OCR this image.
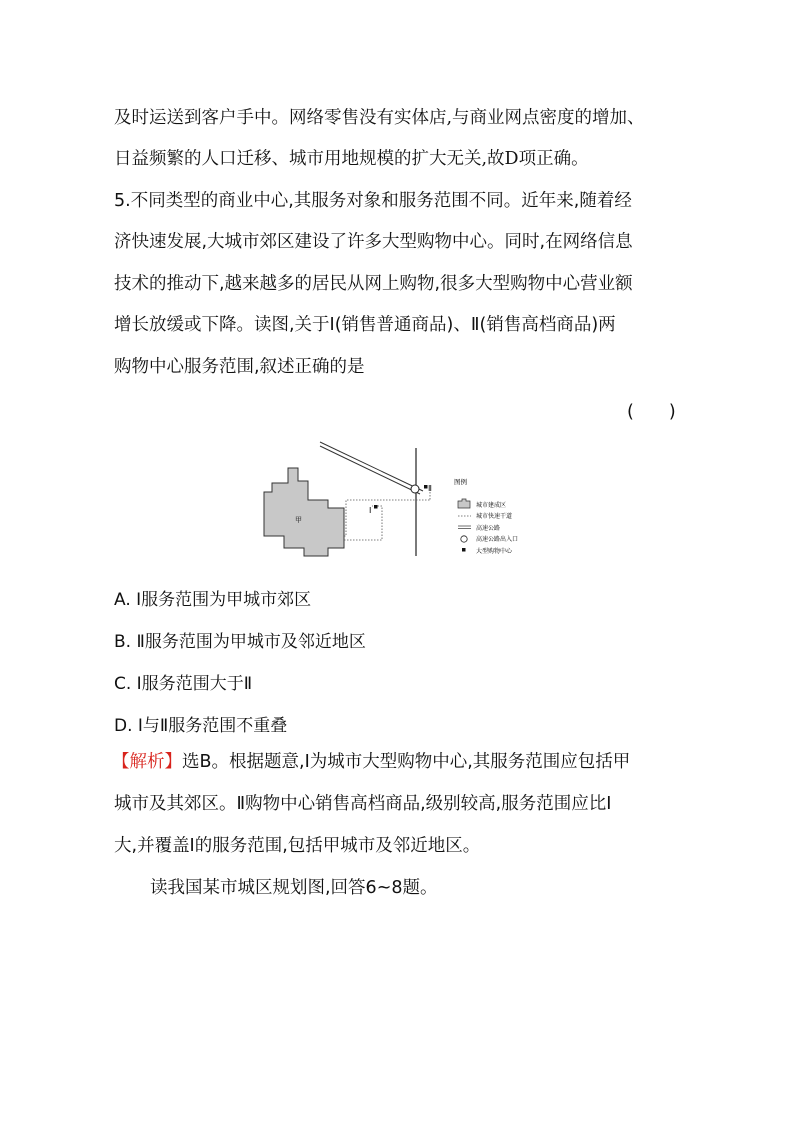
及时运送到客户手中。网络零售没有实体店,与商业网点密度的增加、
日益频繁的人口迁移、城市用地规模的扩大无关,故D项正确。
5.不同类型的商业中心,其服务对象和服务范围不同。近年来,随着经
济快速发展,大城市郊区建设了许多大型购物中心。同时,在网络信息
技术的推动下,越来越多的居民从网上购物,很多大型购物中心营业额
增长放缓或下降。读图,关于Ⅰ(销售普通商品)、Ⅱ(销售高档商品)两
购物中心服务范围,叙述正确的是
(　　)
甲
Ⅰ
Ⅱ
图例
城市建成区
城市快速干道
高速公路
高速公路出入口
大型购物中心
A. Ⅰ服务范围为甲城市郊区
B. Ⅱ服务范围为甲城市及邻近地区
C. Ⅰ服务范围大于Ⅱ
D. Ⅰ与Ⅱ服务范围不重叠
【解析】选B。根据题意,Ⅰ为城市大型购物中心,其服务范围应包括甲
城市及其郊区。Ⅱ购物中心销售高档商品,级别较高,服务范围应比Ⅰ
大,并覆盖Ⅰ的服务范围,包括甲城市及邻近地区。
读我国某市城区规划图,回答6~8题。
